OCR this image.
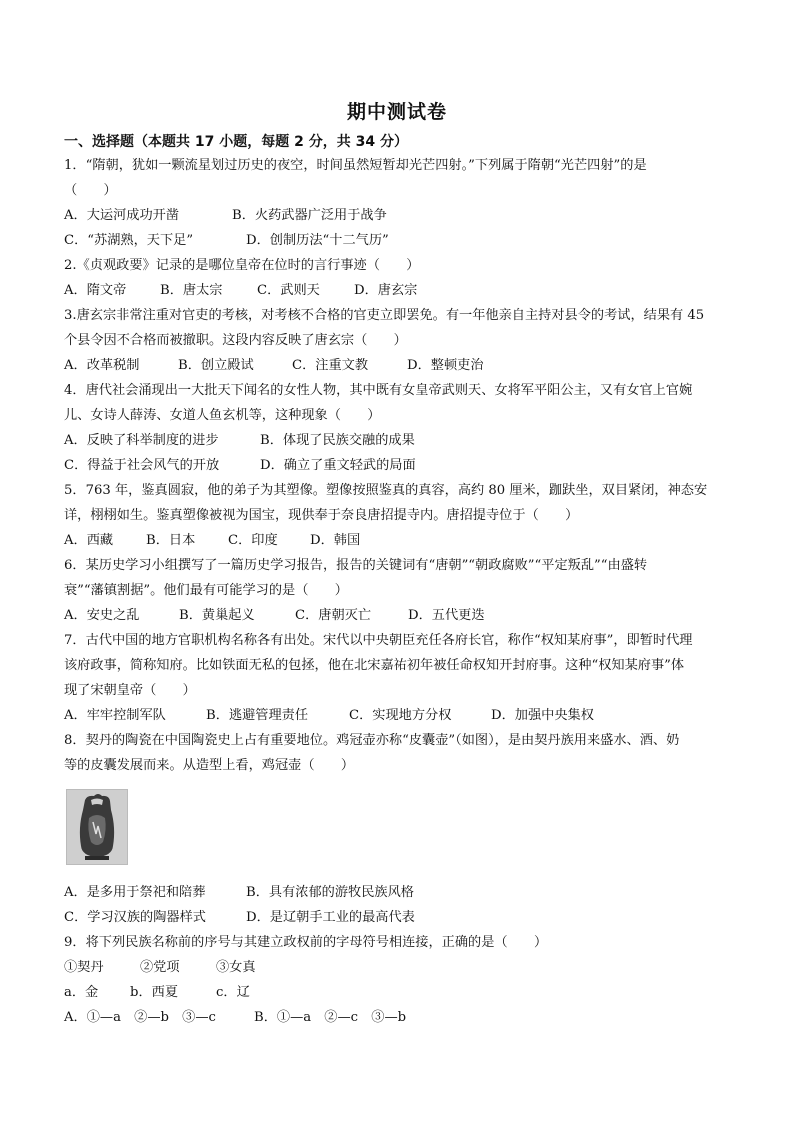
期中测试卷
一、选择题（本题共 17 小题，每题 2 分，共 34 分）
1．“隋朝，犹如一颗流星划过历史的夜空，时间虽然短暂却光芒四射。”下列属于隋朝“光芒四射”的是
（　　）
A．大运河成功开凿	B．火药武器广泛用于战争
C．“苏湖熟，天下足”	D．创制历法“十二气历”
2.《贞观政要》记录的是哪位皇帝在位时的言行事迹（　　）
A．隋文帝	B．唐太宗	C．武则天	D．唐玄宗
3.唐玄宗非常注重对官吏的考核，对考核不合格的官吏立即罢免。有一年他亲自主持对县令的考试，结果有 45
个县令因不合格而被撤职。这段内容反映了唐玄宗（　　）
A．改革税制	B．创立殿试	C．注重文教	D．整顿吏治
4．唐代社会涌现出一大批天下闻名的女性人物，其中既有女皇帝武则天、女将军平阳公主，又有女官上官婉
儿、女诗人薛涛、女道人鱼玄机等，这种现象（　　）
A．反映了科举制度的进步	B．体现了民族交融的成果
C．得益于社会风气的开放	D．确立了重文轻武的局面
5．763 年，鉴真圆寂，他的弟子为其塑像。塑像按照鉴真的真容，高约 80 厘米，跏趺坐，双目紧闭，神态安
详，栩栩如生。鉴真塑像被视为国宝，现供奉于奈良唐招提寺内。唐招提寺位于（　　）
A．西藏 B．日本 C．印度 D．韩国
6．某历史学习小组撰写了一篇历史学习报告，报告的关键词有“唐朝”“朝政腐败”“平定叛乱”“由盛转
衰”“藩镇割据”。他们最有可能学习的是（　　）
A．安史之乱	B．黄巢起义	C．唐朝灭亡	D．五代更迭
7．古代中国的地方官职机构名称各有出处。宋代以中央朝臣充任各府长官，称作“权知某府事”，即暂时代理
该府政事，简称知府。比如铁面无私的包拯，他在北宋嘉祐初年被任命权知开封府事。这种“权知某府事”体
现了宋朝皇帝（　　）
A．牢牢控制军队	B．逃避管理责任	C．实现地方分权	D．加强中央集权
8．契丹的陶瓷在中国陶瓷史上占有重要地位。鸡冠壶亦称“皮囊壶”（如图），是由契丹族用来盛水、酒、奶
等的皮囊发展而来。从造型上看，鸡冠壶（　　）
A．是多用于祭祀和陪葬	B．具有浓郁的游牧民族风格
C．学习汉族的陶器样式	D．是辽朝手工业的最高代表
9．将下列民族名称前的序号与其建立政权前的字母符号相连接，正确的是（　　）
①契丹	②党项	③女真
a．金 b．西夏	c．辽
A．①—a　②—b　③—c	B．①—a　②—c　③—b
